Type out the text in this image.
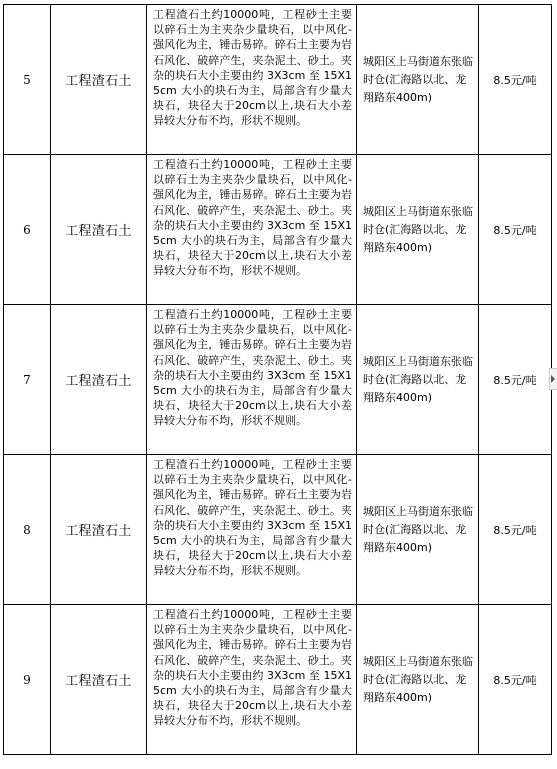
5	工程渣石土	工程渣石土约10000吨，工程砂土主要以碎石土为主夹杂少量块石，以中风化-强风化为主，锤击易碎。碎石土主要为岩石风化、破碎产生，夹杂泥土、砂土。夹杂的块石大小主要由约 3X3cm 至 15X15cm 大小的块石为主，局部含有少量大块石，块径大于20cm以上,块石大小差异较大分布不均，形状不规则。	城阳区上马街道东张临时仓(汇海路以北、龙翔路东400m)	8.5元/吨
6	工程渣石土	工程渣石土约10000吨，工程砂土主要以碎石土为主夹杂少量块石，以中风化-强风化为主，锤击易碎。碎石土主要为岩石风化、破碎产生，夹杂泥土、砂土。夹杂的块石大小主要由约 3X3cm 至 15X15cm 大小的块石为主，局部含有少量大块石，块径大于20cm以上,块石大小差异较大分布不均，形状不规则。	城阳区上马街道东张临时仓(汇海路以北、龙翔路东400m)	8.5元/吨
7	工程渣石土	工程渣石土约10000吨，工程砂土主要以碎石土为主夹杂少量块石，以中风化-强风化为主，锤击易碎。碎石土主要为岩石风化、破碎产生，夹杂泥土、砂土。夹杂的块石大小主要由约 3X3cm 至 15X15cm 大小的块石为主，局部含有少量大块石，块径大于20cm以上,块石大小差异较大分布不均，形状不规则。	城阳区上马街道东张临时仓(汇海路以北、龙翔路东400m)	8.5元/吨
8	工程渣石土	工程渣石土约10000吨，工程砂土主要以碎石土为主夹杂少量块石，以中风化-强风化为主，锤击易碎。碎石土主要为岩石风化、破碎产生，夹杂泥土、砂土。夹杂的块石大小主要由约 3X3cm 至 15X15cm 大小的块石为主，局部含有少量大块石，块径大于20cm以上,块石大小差异较大分布不均，形状不规则。	城阳区上马街道东张临时仓(汇海路以北、龙翔路东400m)	8.5元/吨
9	工程渣石土	工程渣石土约10000吨，工程砂土主要以碎石土为主夹杂少量块石，以中风化-强风化为主，锤击易碎。碎石土主要为岩石风化、破碎产生，夹杂泥土、砂土。夹杂的块石大小主要由约 3X3cm 至 15X15cm 大小的块石为主，局部含有少量大块石，块径大于20cm以上,块石大小差异较大分布不均，形状不规则。	城阳区上马街道东张临时仓(汇海路以北、龙翔路东400m)	8.5元/吨
